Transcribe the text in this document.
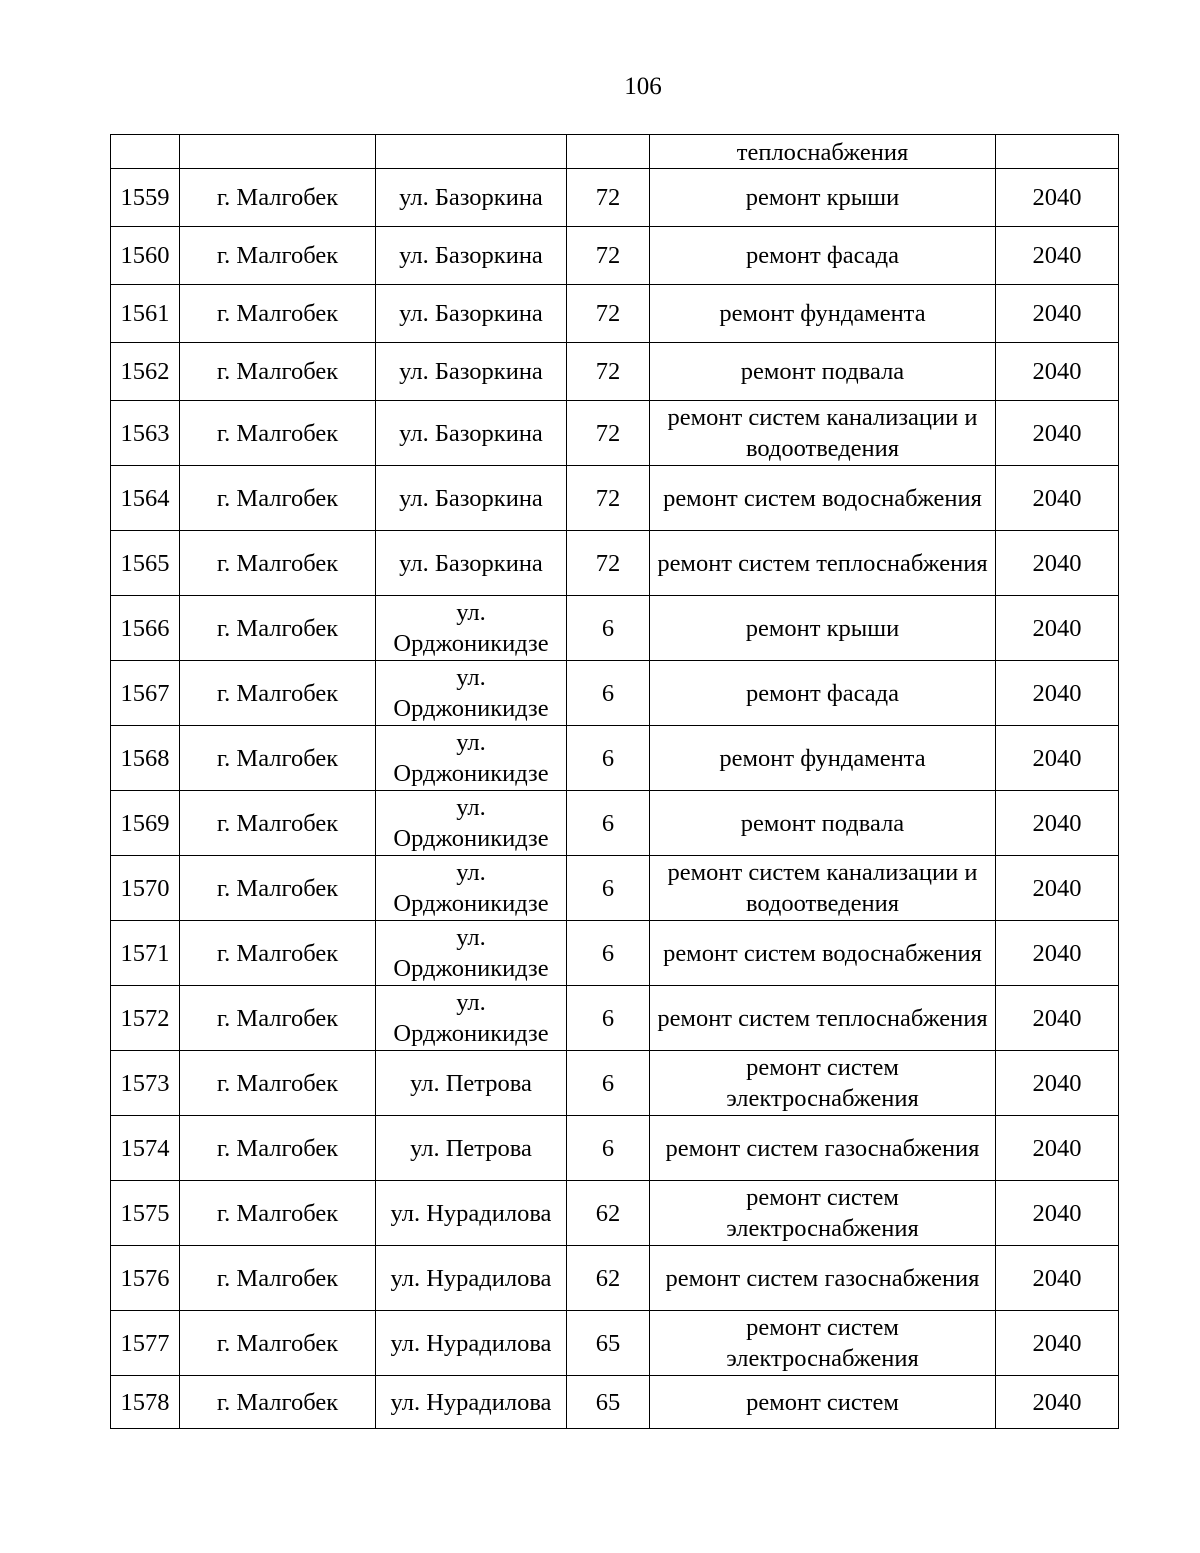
106
				теплоснабжения	
1559	г. Малгобек	ул. Базоркина	72	ремонт крыши	2040
1560	г. Малгобек	ул. Базоркина	72	ремонт фасада	2040
1561	г. Малгобек	ул. Базоркина	72	ремонт фундамента	2040
1562	г. Малгобек	ул. Базоркина	72	ремонт подвала	2040
1563	г. Малгобек	ул. Базоркина	72	ремонт систем канализации и водоотведения	2040
1564	г. Малгобек	ул. Базоркина	72	ремонт систем водоснабжения	2040
1565	г. Малгобек	ул. Базоркина	72	ремонт систем теплоснабжения	2040
1566	г. Малгобек	ул. Орджоникидзе	6	ремонт крыши	2040
1567	г. Малгобек	ул. Орджоникидзе	6	ремонт фасада	2040
1568	г. Малгобек	ул. Орджоникидзе	6	ремонт фундамента	2040
1569	г. Малгобек	ул. Орджоникидзе	6	ремонт подвала	2040
1570	г. Малгобек	ул. Орджоникидзе	6	ремонт систем канализации и водоотведения	2040
1571	г. Малгобек	ул. Орджоникидзе	6	ремонт систем водоснабжения	2040
1572	г. Малгобек	ул. Орджоникидзе	6	ремонт систем теплоснабжения	2040
1573	г. Малгобек	ул. Петрова	6	ремонт систем электроснабжения	2040
1574	г. Малгобек	ул. Петрова	6	ремонт систем газоснабжения	2040
1575	г. Малгобек	ул. Нурадилова	62	ремонт систем электроснабжения	2040
1576	г. Малгобек	ул. Нурадилова	62	ремонт систем газоснабжения	2040
1577	г. Малгобек	ул. Нурадилова	65	ремонт систем электроснабжения	2040
1578	г. Малгобек	ул. Нурадилова	65	ремонт систем	2040
